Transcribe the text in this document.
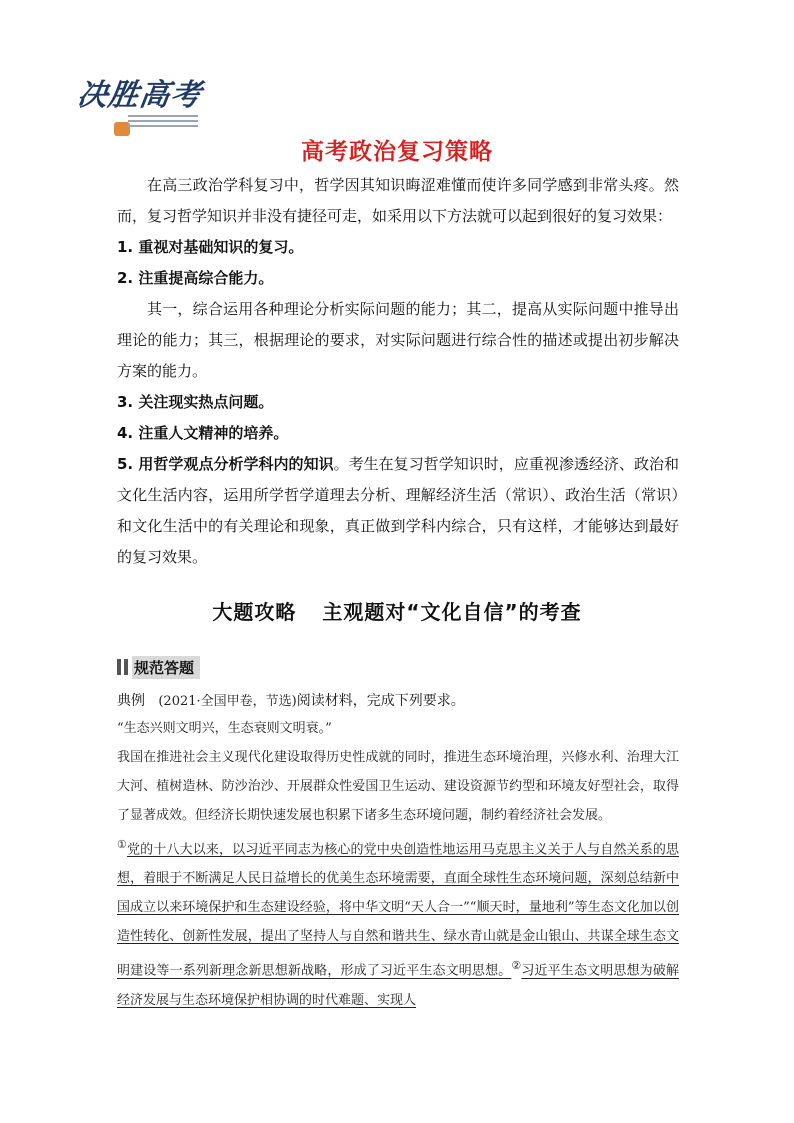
决胜高考
高考政治复习策略

在高三政治学科复习中，哲学因其知识晦涩难懂而使许多同学感到非常头疼。然而，复习哲学知识并非没有捷径可走，如采用以下方法就可以起到很好的复习效果：

1. 重视对基础知识的复习。

2. 注重提高综合能力。

其一，综合运用各种理论分析实际问题的能力；其二，提高从实际问题中推导出理论的能力；其三，根据理论的要求，对实际问题进行综合性的描述或提出初步解决方案的能力。

3. 关注现实热点问题。

4. 注重人文精神的培养。

5. 用哲学观点分析学科内的知识。考生在复习哲学知识时，应重视渗透经济、政治和文化生活内容，运用所学哲学道理去分析、理解经济生活（常识）、政治生活（常识）和文化生活中的有关理论和现象，真正做到学科内综合，只有这样，才能够达到最好的复习效果。

大题攻略 主观题对“文化自信”的考查
规范答题
典例 (2021·全国甲卷，节选)阅读材料，完成下列要求。

“生态兴则文明兴，生态衰则文明衰。”

我国在推进社会主义现代化建设取得历史性成就的同时，推进生态环境治理，兴修水利、治理大江大河、植树造林、防沙治沙、开展群众性爱国卫生运动、建设资源节约型和环境友好型社会，取得了显著成效。但经济长期快速发展也积累下诸多生态环境问题，制约着经济社会发展。

①党的十八大以来，以习近平同志为核心的党中央创造性地运用马克思主义关于人与自然关系的思想，着眼于不断满足人民日益增长的优美生态环境需要，直面全球性生态环境问题，深刻总结新中国成立以来环境保护和生态建设经验，将中华文明“天人合一”“顺天时，量地利”等生态文化加以创造性转化、创新性发展，提出了坚持人与自然和谐共生、绿水青山就是金山银山、共谋全球生态文明建设等一系列新理念新思想新战略，形成了习近平生态文明思想。②习近平生态文明思想为破解经济发展与生态环境保护相协调的时代难题、实现人
